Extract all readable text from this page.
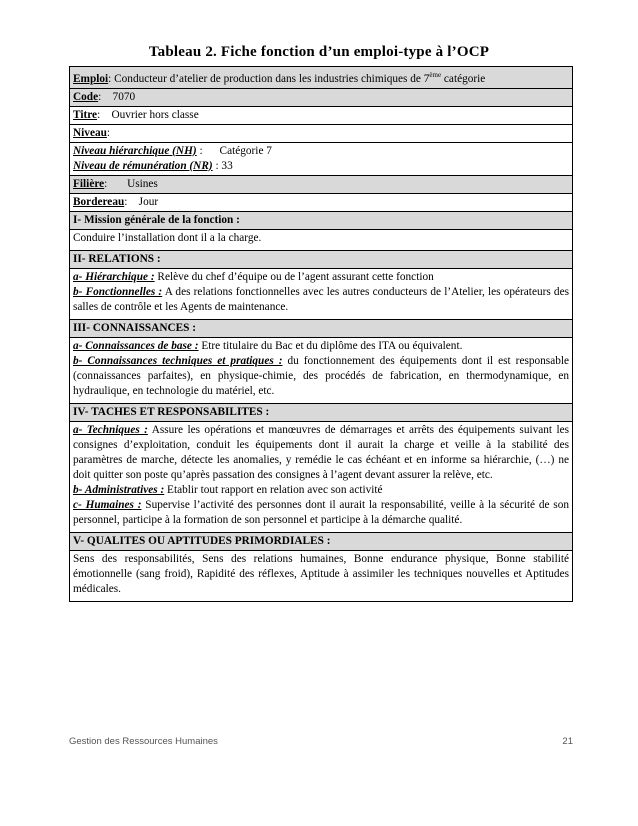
Tableau 2. Fiche fonction d’un emploi-type à l’OCP
Emploi: Conducteur d’atelier de production dans les industries chimiques de 7ème catégorie
Code:    7070
Titre:    Ouvrier hors classe
Niveau:

Niveau hiérarchique (NH) :      Catégorie 7
Niveau de rémunération (NR) : 33

Filière:       Usines
Bordereau:    Jour
I- Mission générale de la fonction :
Conduire l’installation dont il a la charge.
II- RELATIONS :

a- Hiérarchique : Relève du chef d’équipe ou de l’agent assurant cette fonction
b- Fonctionnelles : A des relations fonctionnelles avec les autres conducteurs de l’Atelier, les opérateurs des salles de contrôle et les Agents de maintenance.

III- CONNAISSANCES :

a- Connaissances de base : Etre titulaire du Bac et du diplôme des ITA ou équivalent.
b- Connaissances techniques et pratiques : du fonctionnement des équipements dont il est responsable (connaissances parfaites), en physique-chimie, des procédés de fabrication, en thermodynamique, en hydraulique, en technologie du matériel, etc.

IV- TACHES ET RESPONSABILITES :

a- Techniques : Assure les opérations et manœuvres de démarrages et arrêts des équipements suivant les consignes d’exploitation, conduit les équipements dont il aurait la charge et veille à la stabilité des paramètres de marche, détecte les anomalies, y remédie le cas échéant et en informe sa hiérarchie, (…) ne doit quitter son poste qu’après passation des consignes à l’agent devant assurer la relève, etc.
b- Administratives : Etablir tout rapport en relation avec son activité
c- Humaines : Supervise l’activité des personnes dont il aurait la responsabilité, veille à la sécurité de son personnel, participe à la formation de son personnel et participe à la démarche qualité.

V- QUALITES OU APTITUDES PRIMORDIALES :
Sens des responsabilités, Sens des relations humaines, Bonne endurance physique, Bonne stabilité émotionnelle (sang froid), Rapidité des réflexes, Aptitude à assimiler les techniques nouvelles et Aptitudes médicales.
Gestion des Ressources Humaines	21
